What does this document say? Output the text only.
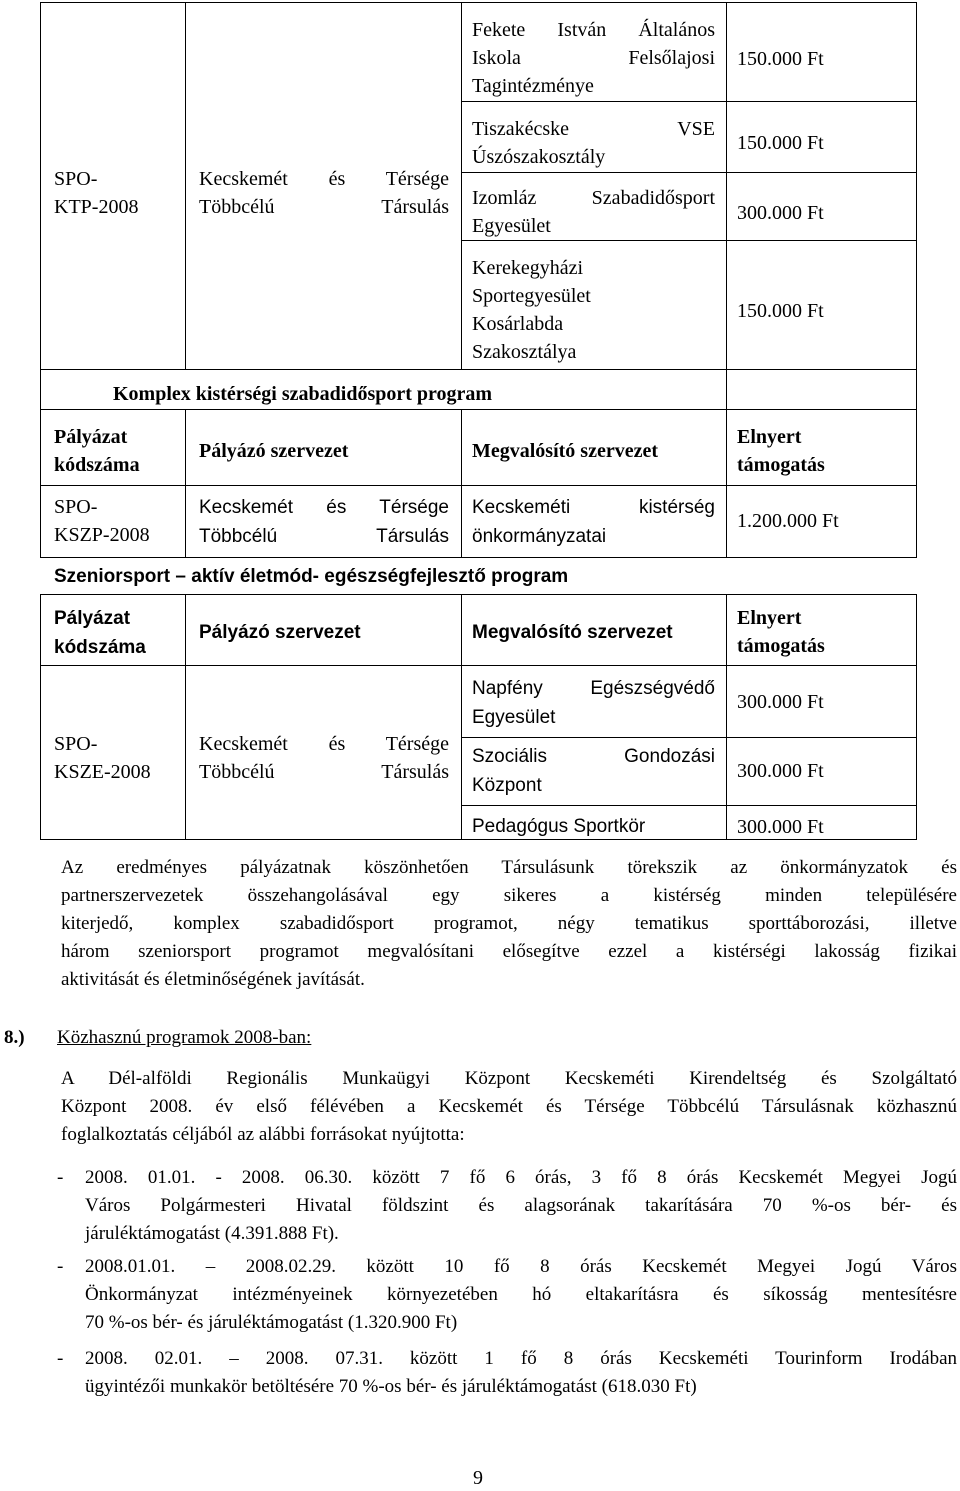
SPO-
KTP-2008
Kecskemét és Térsége Többcélú Társulás
Fekete István Általános
Iskola Felsőlajosi
Tagintézménye
Tiszakécske VSE
Úszószakosztály
Izomláz Szabadidősport
Egyesület
Kerekegyházi
Sportegyesület
Kosárlabda
Szakosztálya
150.000 Ft
150.000 Ft
300.000 Ft
150.000 Ft
Komplex kistérségi szabadidősport program
Pályázat kódszáma
Pályázó szervezet	Megvalósító szervezet
Elnyert támogatás
SPO-
KSZP-2008
Kecskemét és Térsége Többcélú Társulás
Kecskeméti kistérség önkormányzatai
1.200.000 Ft
Szeniorsport – aktív életmód- egészségfejlesztő program
Pályázat kódszáma
Pályázó szervezet	Megvalósító szervezet
Elnyert támogatás
SPO-
KSZE-2008
Kecskemét és Térsége Többcélú Társulás
Napfény Egészségvédő Egyesület
Szociális Gondozási Központ
Pedagógus Sportkör
300.000 Ft
300.000 Ft
300.000 Ft
Az eredményes pályázatnak köszönhetően Társulásunk törekszik az önkormányzatok és
partnerszervezetek összehangolásával egy sikeres a kistérség minden településére
kiterjedő, komplex szabadidősport programot, négy tematikus sporttáborozási, illetve
három szeniorsport programot megvalósítani elősegítve ezzel a kistérségi lakosság fizikai
aktivitását és életminőségének javítását.
8.) Közhasznú programok 2008-ban:
A Dél-alföldi Regionális Munkaügyi Központ Kecskeméti Kirendeltség és Szolgáltató
Központ 2008. év első félévében a Kecskemét és Térsége Többcélú Társulásnak közhasznú
foglalkoztatás céljából az alábbi forrásokat nyújtotta:
- 2008. 01.01. - 2008. 06.30. között 7 fő 6 órás, 3 fő 8 órás Kecskemét Megyei Jogú
Város Polgármesteri Hivatal földszint és alagsorának takarítására 70 %-os bér- és
járuléktámogatást (4.391.888 Ft).
- 2008.01.01. – 2008.02.29. között 10 fő 8 órás Kecskemét Megyei Jogú Város
Önkormányzat intézményeinek környezetében hó eltakarításra és síkosság mentesítésre
70 %-os bér- és járuléktámogatást (1.320.900 Ft)
- 2008. 02.01. – 2008. 07.31. között 1 fő 8 órás Kecskeméti Tourinform Irodában
ügyintézői munkakör betöltésére 70 %-os bér- és járuléktámogatást (618.030 Ft)
9
